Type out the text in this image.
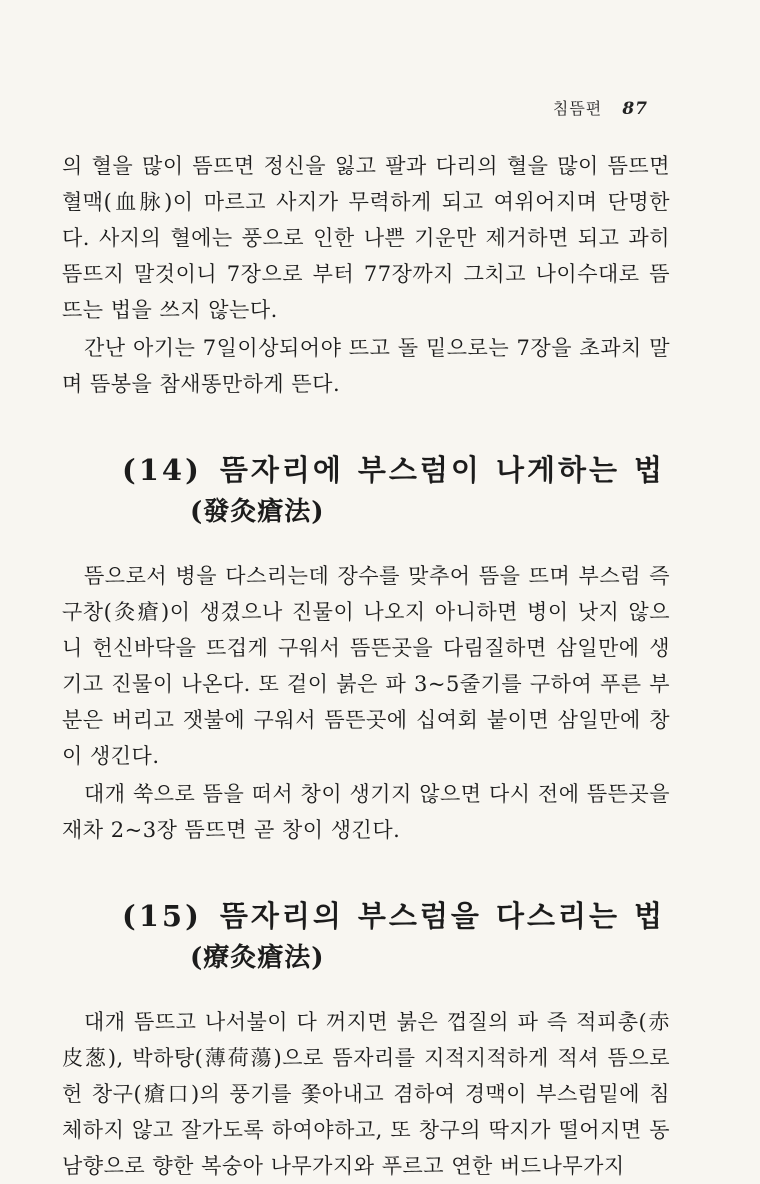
침뜸편 87

의 혈을 많이 뜸뜨면 정신을 잃고 팔과 다리의 혈을 많이 뜸뜨면 혈맥(血脉)이 마르고 사지가 무력하게 되고 여위어지며 단명한다. 사지의 혈에는 풍으로 인한 나쁜 기운만 제거하면 되고 과히 뜸뜨지 말것이니 7장으로 부터 77장까지 그치고 나이수대로 뜸뜨는 법을 쓰지 않는다.

간난 아기는 7일이상되어야 뜨고 돌 밑으로는 7장을 초과치 말며 뜸봉을 참새똥만하게 뜬다.

(14) 뜸자리에 부스럼이 나게하는 법
(發灸瘡法)

뜸으로서 병을 다스리는데 장수를 맞추어 뜸을 뜨며 부스럼 즉 구창(灸瘡)이 생겼으나 진물이 나오지 아니하면 병이 낫지 않으니 헌신바닥을 뜨겁게 구워서 뜸뜬곳을 다림질하면 삼일만에 생기고 진물이 나온다. 또 겉이 붉은 파 3~5줄기를 구하여 푸른 부분은 버리고 잿불에 구워서 뜸뜬곳에 십여회 붙이면 삼일만에 창이 생긴다.

대개 쑥으로 뜸을 떠서 창이 생기지 않으면 다시 전에 뜸뜬곳을 재차 2~3장 뜸뜨면 곧 창이 생긴다.

(15) 뜸자리의 부스럼을 다스리는 법
(療灸瘡法)

대개 뜸뜨고 나서불이 다 꺼지면 붉은 껍질의 파 즉 적피총(赤皮葱), 박하탕(薄荷蕩)으로 뜸자리를 지적지적하게 적셔 뜸으로 헌 창구(瘡口)의 풍기를 쫓아내고 겸하여 경맥이 부스럼밑에 침체하지 않고 잘가도록 하여야하고, 또 창구의 딱지가 떨어지면 동남향으로 향한 복숭아 나무가지와 푸르고 연한 버드나무가지
